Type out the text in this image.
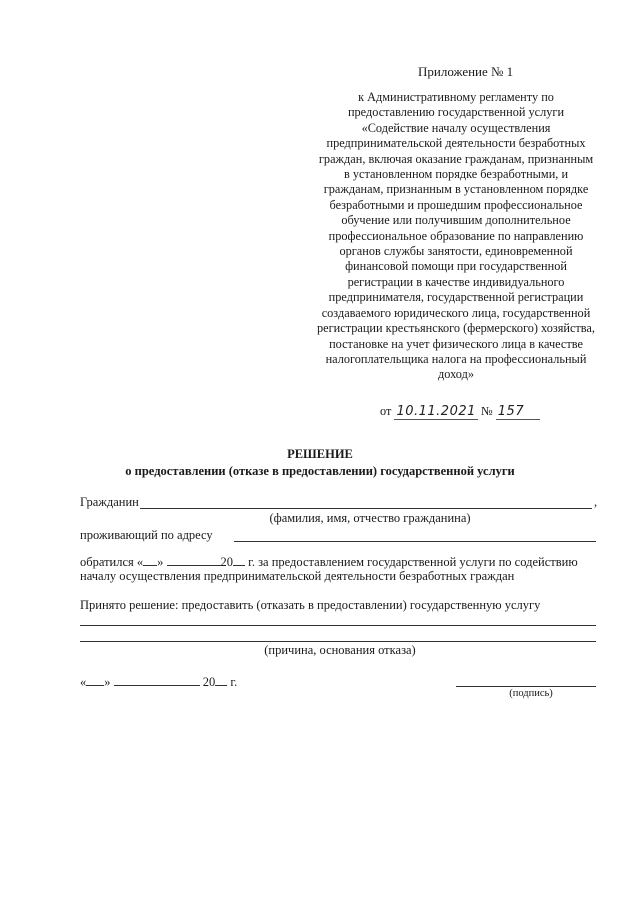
Приложение № 1
к Административному регламенту по предоставлению государственной услуги «Содействие началу осуществления предпринимательской деятельности безработных граждан, включая оказание гражданам, признанным в установленном порядке безработными, и гражданам, признанным в установленном порядке безработными и прошедшим профессиональное обучение или получившим дополнительное профессиональное образование по направлению органов службы занятости, единовременной финансовой помощи при государственной регистрации в качестве индивидуального предпринимателя, государственной регистрации создаваемого юридического лица, государственной регистрации крестьянского (фермерского) хозяйства, постановке на учет физического лица в качестве налогоплательщика налога на профессиональный доход»
от 10.11.2021 № 157
РЕШЕНИЕ
о предоставлении (отказе в предоставлении) государственной услуги
Гражданин	,
(фамилия, имя, отчество гражданина)
проживающий по адресу
обратился « »	20 г. за предоставлением государственной услуги по содействию
началу осуществления предпринимательской деятельности безработных граждан
Принято решение: предоставить (отказать в предоставлении) государственную услугу
(причина, основания отказа)
« »	20 г.
(подпись)
